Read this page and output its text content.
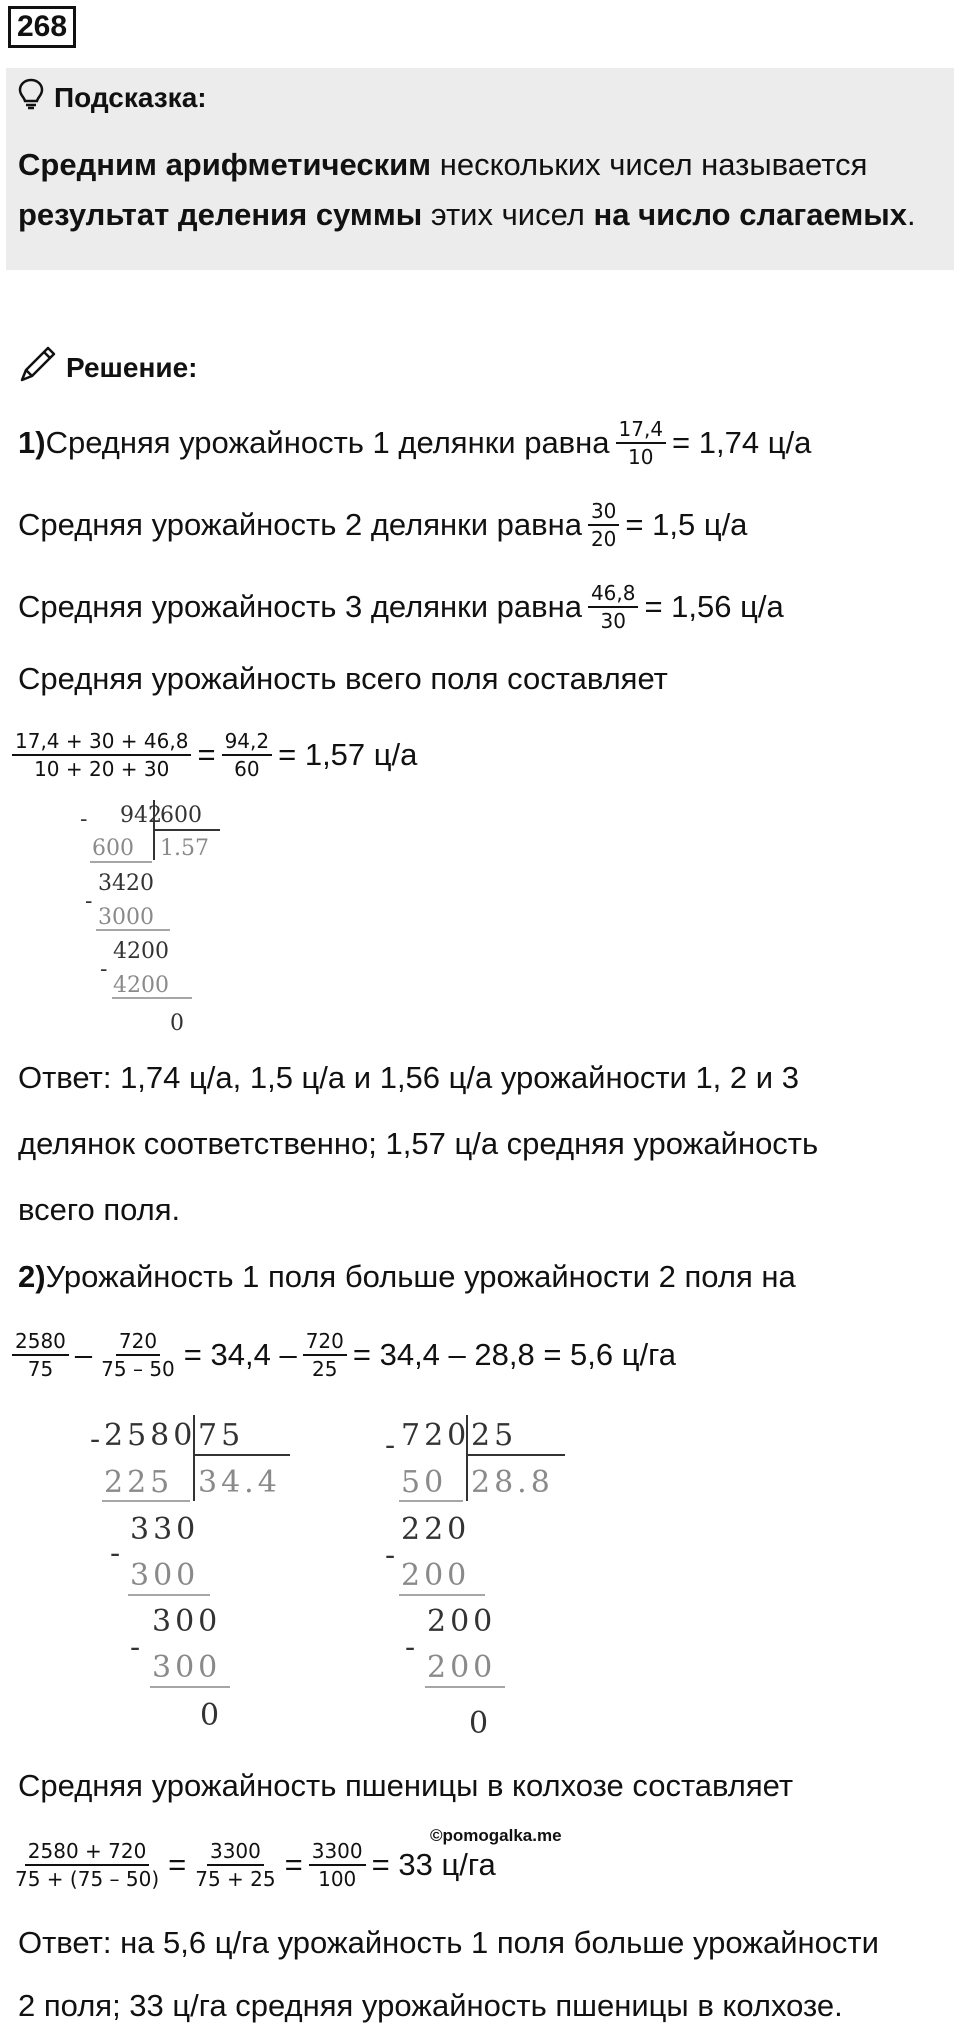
268
Подсказка:
Средним арифметическим нескольких чисел называется результат деления суммы этих чисел на число слагаемых.
Решение:
1) Средняя урожайность 1 делянки равна $\frac{17,4}{10} = 1,74$ ц/а
Средняя урожайность 2 делянки равна $\frac{30}{20} = 1,5$ ц/а
Средняя урожайность 3 делянки равна $\frac{46,8}{30} = 1,56$ ц/а
Средняя урожайность всего поля составляет
$\frac{17,4 + 30 + 46,8}{10 + 20 + 30} = \frac{94,2}{60} = 1,57$ ц/а
- 942
600
600 1.57
3420
-
3000
4200
-
4200
0
Ответ: 1,74 ц/а, 1,5 ц/а и 1,56 ц/а урожайности 1, 2 и 3
делянок соответственно; 1,57 ц/а средняя урожайность
всего поля.
2) Урожайность 1 поля больше урожайности 2 поля на
$\frac{2580}{75} - \frac{720}{75 - 50} = 34,4 - \frac{720}{25} = 34,4 - 28,8 = 5,6$ ц/га
- 2580 75
225 34.4
330
-
300
300
-
300
0
- 720 25
50 28.8
220
-
200
200
-
200
0
Средняя урожайность пшеницы в колхозе составляет
$\frac{2580 + 720}{75 + (75 - 50)} = \frac{3300}{75 + 25} = \frac{3300}{100} = 33$ ц/га
©pomogalka.me
Ответ: на 5,6 ц/га урожайность 1 поля больше урожайности
2 поля; 33 ц/га средняя урожайность пшеницы в колхозе.
